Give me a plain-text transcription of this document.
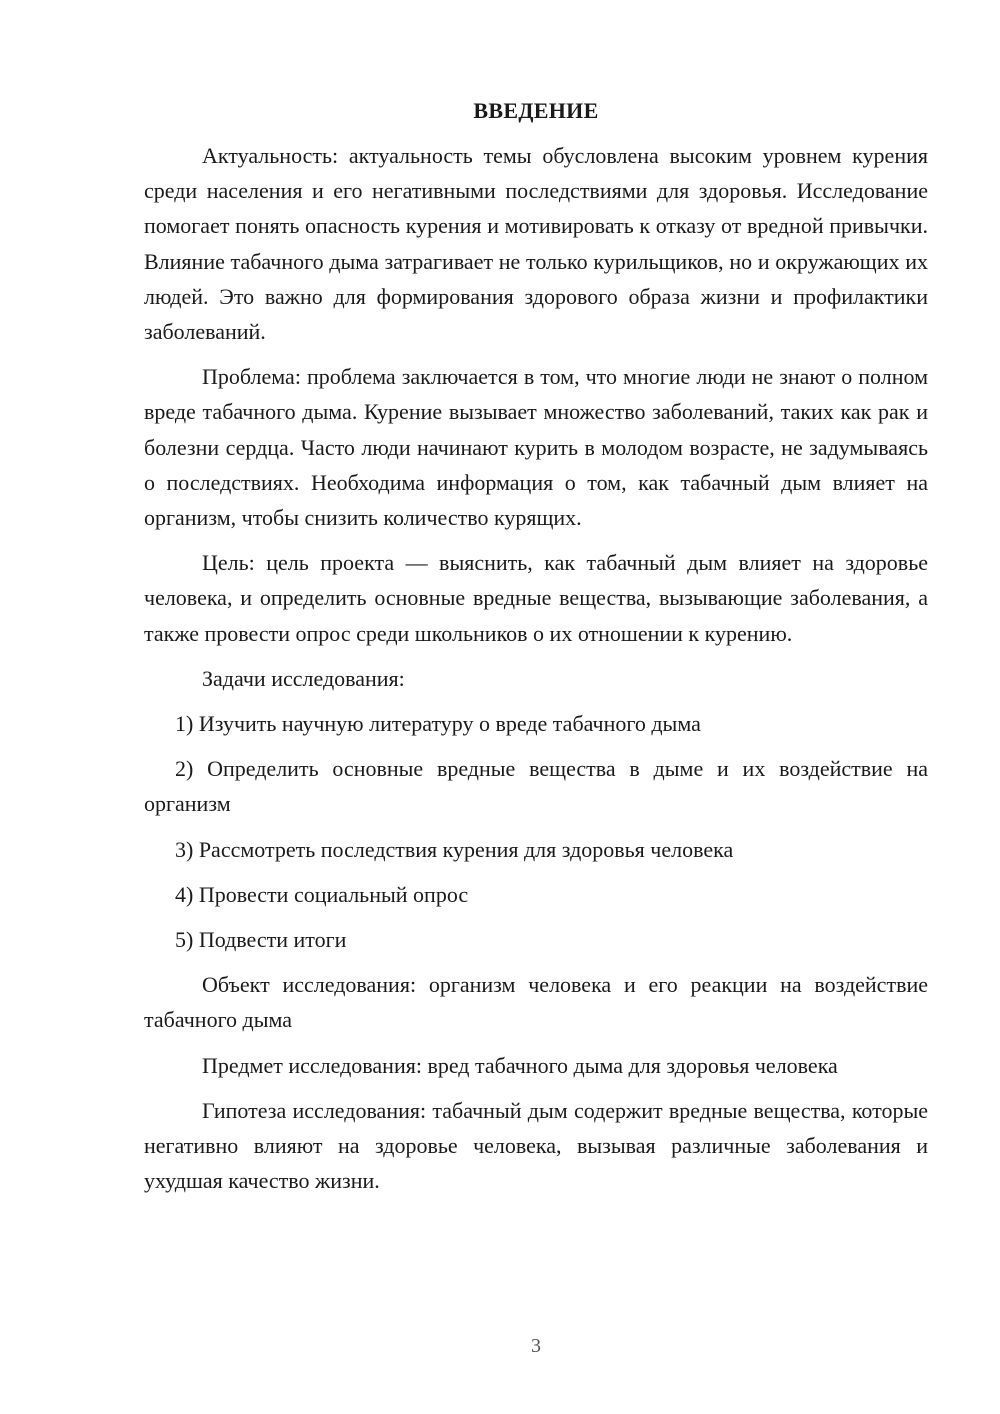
ВВЕДЕНИЕ

Актуальность: актуальность темы обусловлена высоким уровнем курения среди населения и его негативными последствиями для здоровья. Исследование помогает понять опасность курения и мотивировать к отказу от вредной привычки. Влияние табачного дыма затрагивает не только курильщиков, но и окружающих их людей. Это важно для формирования здорового образа жизни и профилактики заболеваний.

Проблема: проблема заключается в том, что многие люди не знают о полном вреде табачного дыма. Курение вызывает множество заболеваний, таких как рак и болезни сердца. Часто люди начинают курить в молодом возрасте, не задумываясь о последствиях. Необходима информация о том, как табачный дым влияет на организм, чтобы снизить количество курящих.

Цель: цель проекта — выяснить, как табачный дым влияет на здоровье человека, и определить основные вредные вещества, вызывающие заболевания, а также провести опрос среди школьников о их отношении к курению.

Задачи исследования:

1) Изучить научную литературу о вреде табачного дыма

2) Определить основные вредные вещества в дыме и их воздействие на организм

3) Рассмотреть последствия курения для здоровья человека

4) Провести социальный опрос

5) Подвести итоги

Объект исследования: организм человека и его реакции на воздействие табачного дыма

Предмет исследования: вред табачного дыма для здоровья человека

Гипотеза исследования: табачный дым содержит вредные вещества, которые негативно влияют на здоровье человека, вызывая различные заболевания и ухудшая качество жизни.

3
